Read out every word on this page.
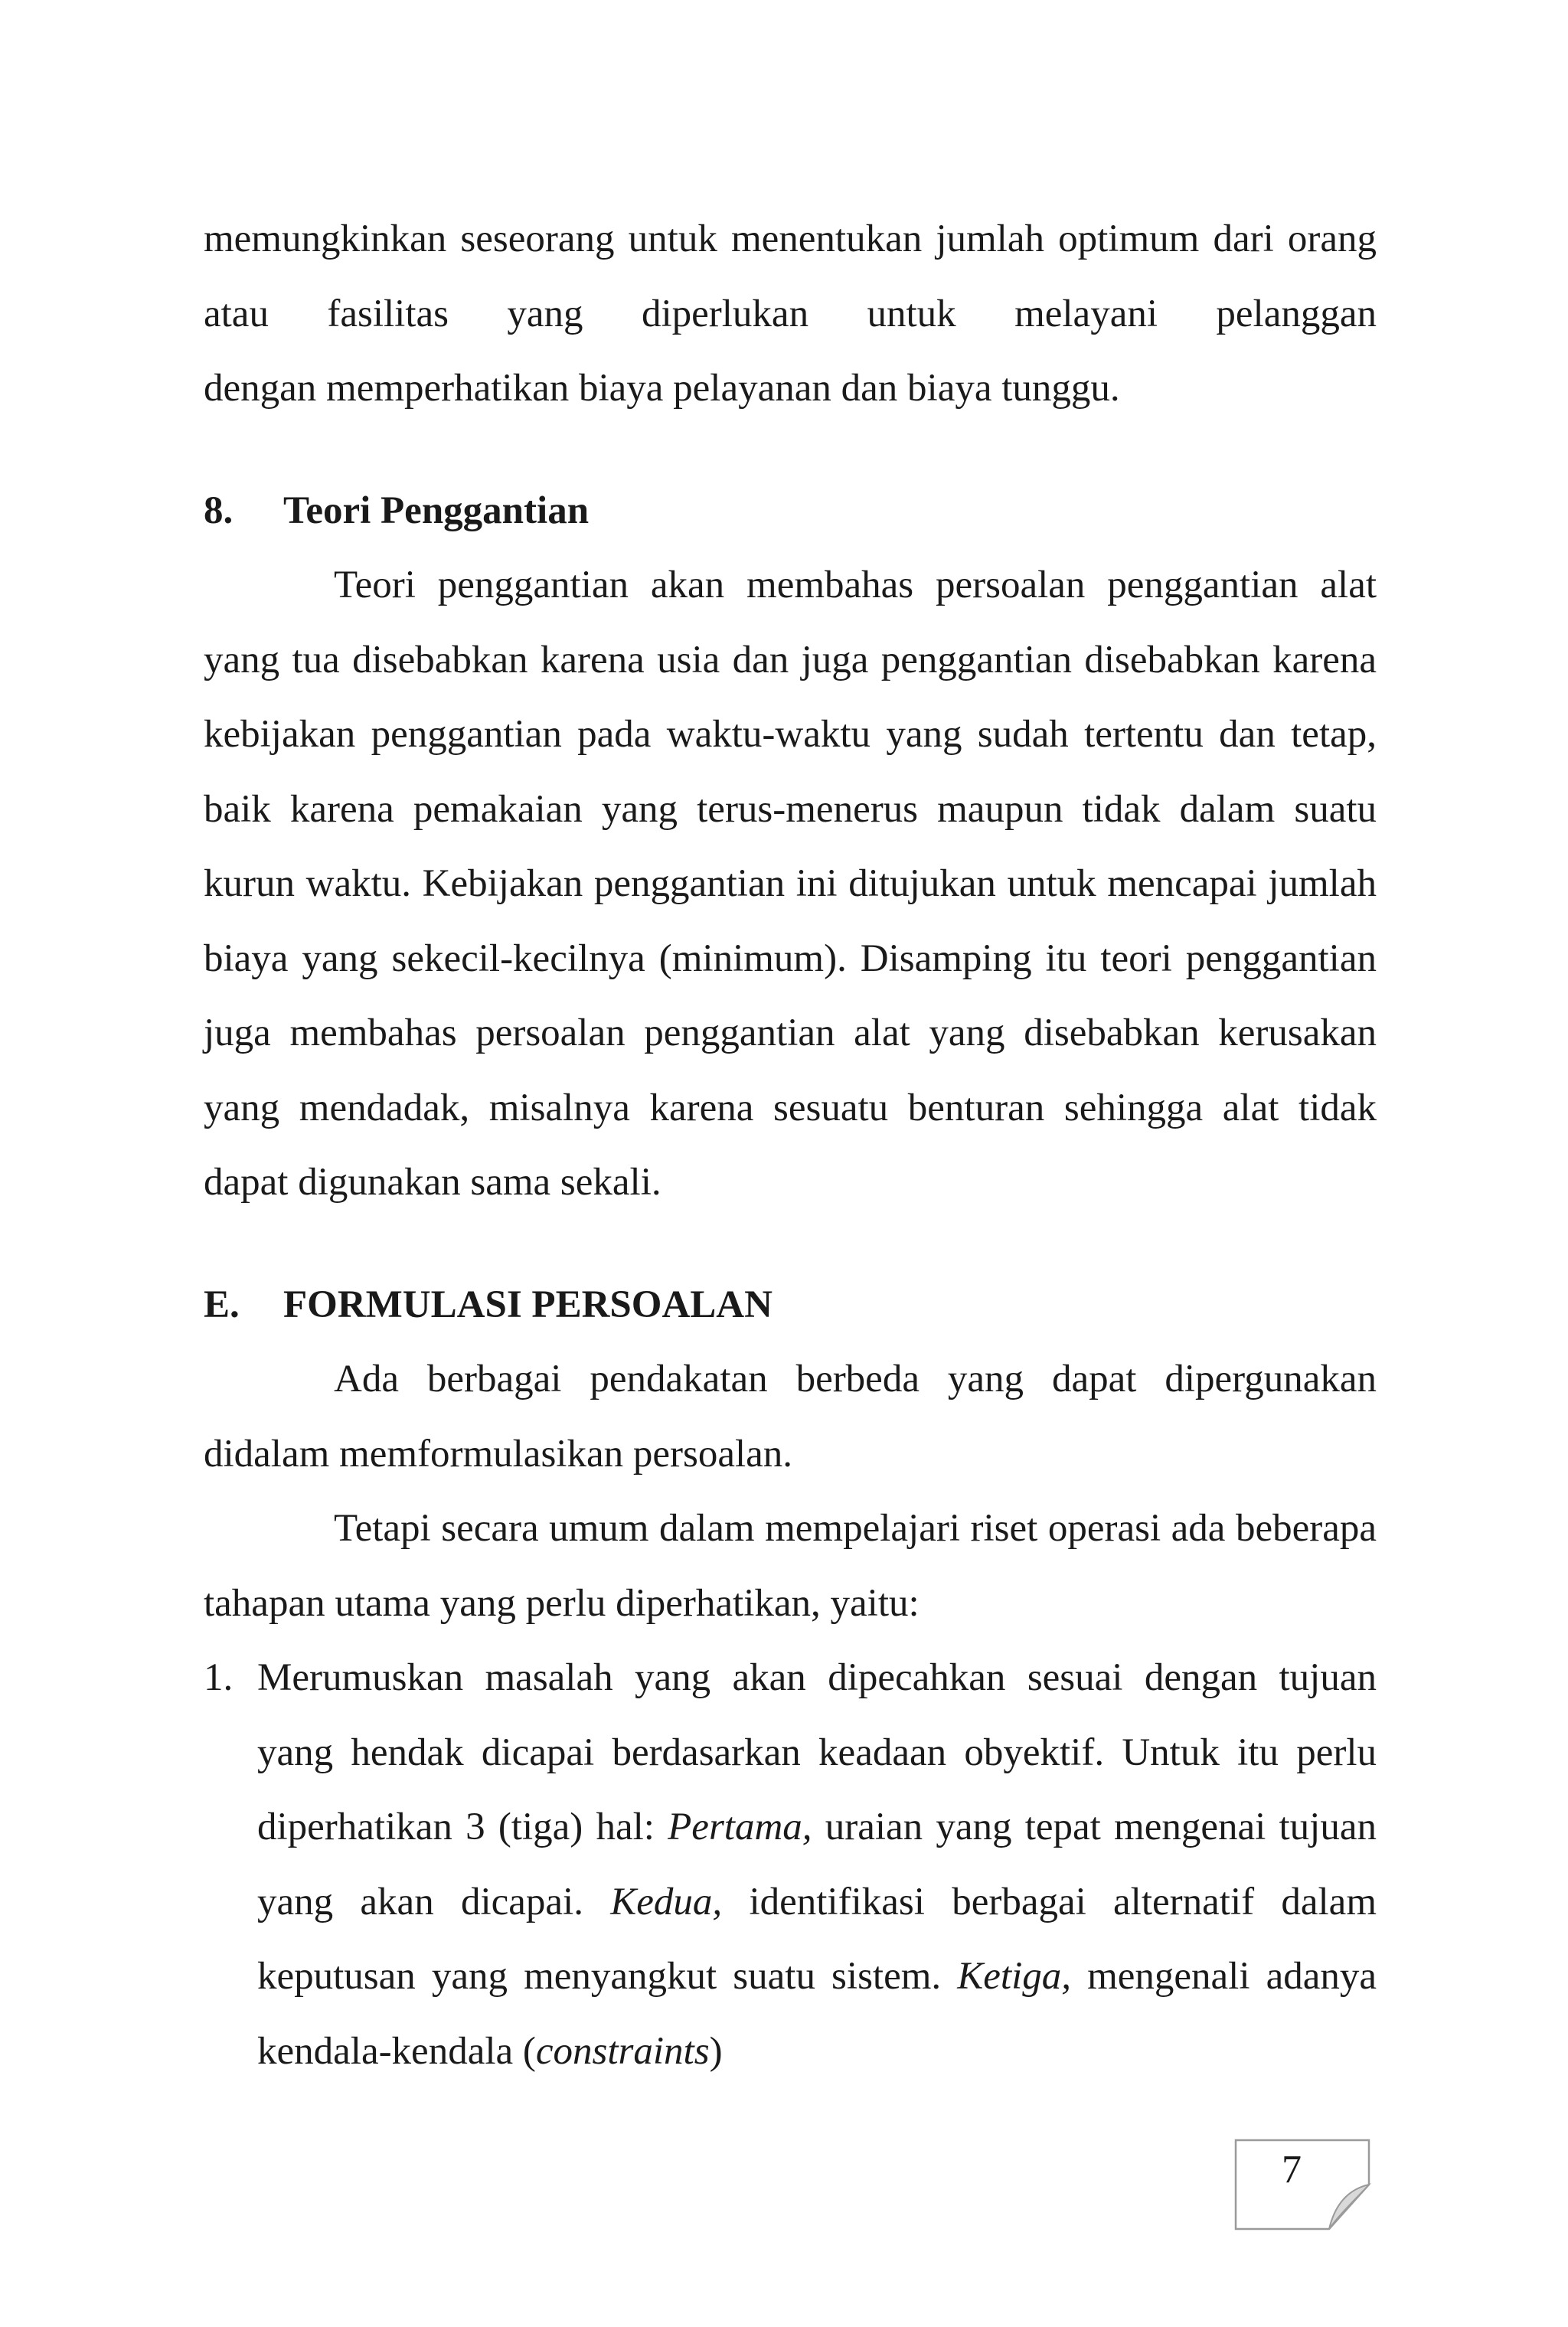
memungkinkan seseorang untuk menentukan jumlah optimum dari orang atau fasilitas yang diperlukan untuk melayani pelanggan

dengan memperhatikan biaya pelayanan dan biaya tunggu.

8.	Teori Penggantian

Teori penggantian akan membahas persoalan penggantian alat yang tua disebabkan karena usia dan juga penggantian disebabkan karena kebijakan penggantian pada waktu-waktu yang sudah tertentu dan tetap, baik karena pemakaian yang terus-menerus maupun tidak dalam suatu kurun waktu. Kebijakan penggantian ini ditujukan untuk mencapai jumlah biaya yang sekecil-kecilnya (minimum). Disamping itu teori penggantian juga membahas persoalan penggantian alat yang disebabkan kerusakan yang mendadak, misalnya karena sesuatu benturan sehingga alat tidak dapat digunakan sama sekali.

E.	FORMULASI PERSOALAN

Ada berbagai pendakatan berbeda yang dapat dipergunakan didalam memformulasikan persoalan.

Tetapi secara umum dalam mempelajari riset operasi ada beberapa tahapan utama yang perlu diperhatikan, yaitu:

1. Merumuskan masalah yang akan dipecahkan sesuai dengan tujuan yang hendak dicapai berdasarkan keadaan obyektif. Untuk itu perlu diperhatikan 3 (tiga) hal: Pertama, uraian yang tepat mengenai tujuan yang akan dicapai. Kedua, identifikasi berbagai alternatif dalam keputusan yang menyangkut suatu sistem. Ketiga, mengenali adanya kendala-kendala (constraints)
7
